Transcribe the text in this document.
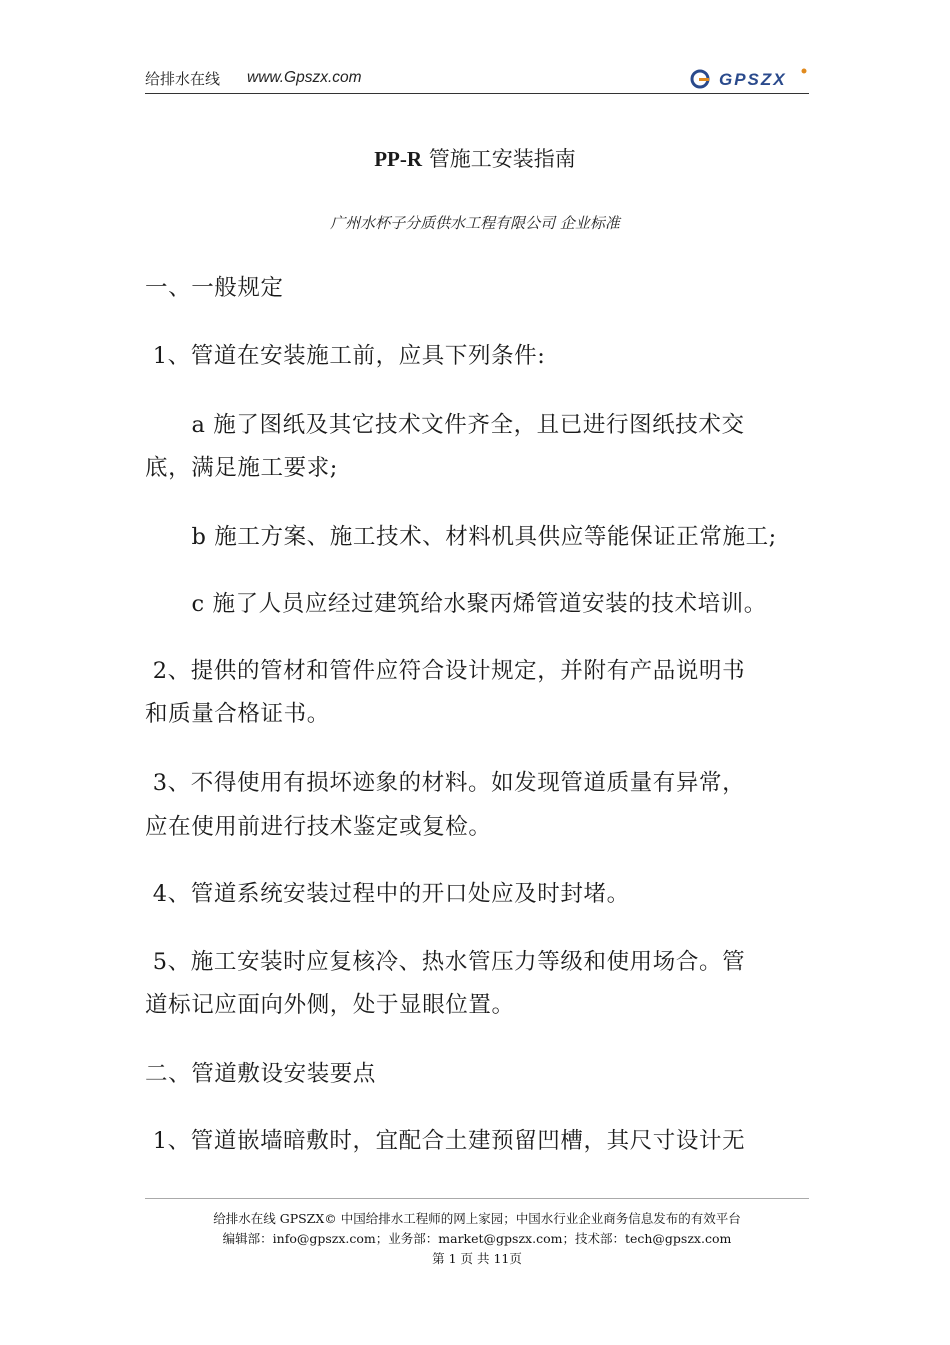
给排水在线 www.Gpszx.com	GPSZX
PP-R 管施工安装指南
广州水杯子分质供水工程有限公司 企业标准
一、一般规定
1、管道在安装施工前，应具下列条件:
a 施了图纸及其它技术文件齐全，且已进行图纸技术交
底，满足施工要求;
b 施工方案、施工技术、材料机具供应等能保证正常施工;
c 施了人员应经过建筑给水聚丙烯管道安装的技术培训。
2、提供的管材和管件应符合设计规定，并附有产品说明书
和质量合格证书。
3、不得使用有损坏迹象的材料。如发现管道质量有异常，
应在使用前进行技术鉴定或复检。
4、管道系统安装过程中的开口处应及时封堵。
5、施工安装时应复核冷、热水管压力等级和使用场合。管
道标记应面向外侧，处于显眼位置。
二、管道敷设安装要点
1、管道嵌墙暗敷时，宜配合土建预留凹槽，其尺寸设计无
给排水在线 GPSZX© 中国给排水工程师的网上家园；中国水行业企业商务信息发布的有效平台
编辑部：info@gpszx.com；业务部：market@gpszx.com；技术部：tech@gpszx.com
第 1 页 共 11页
